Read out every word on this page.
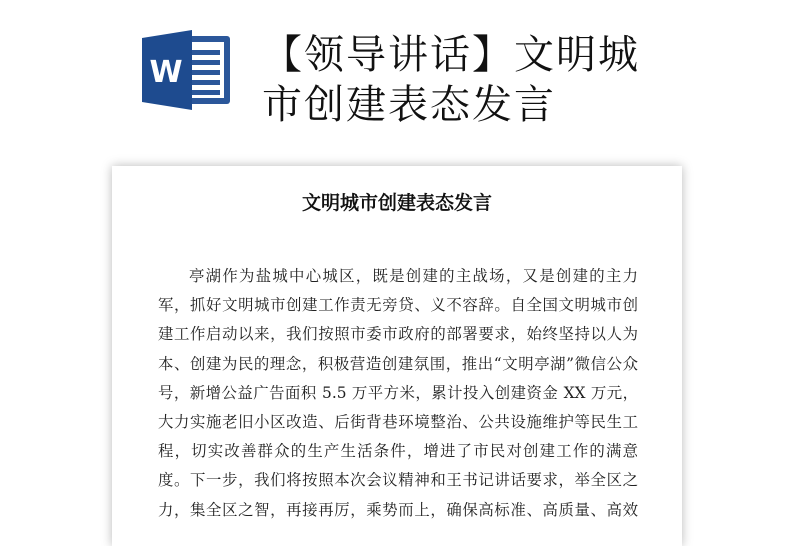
W 【领导讲话】文明城
市创建表态发言
文明城市创建表态发言
亭湖作为盐城中心城区，既是创建的主战场，又是创建的主力
军，抓好文明城市创建工作责无旁贷、义不容辞。自全国文明城市创
建工作启动以来，我们按照市委市政府的部署要求，始终坚持以人为
本、创建为民的理念，积极营造创建氛围，推出“文明亭湖”微信公众
号，新增公益广告面积 5.5 万平方米，累计投入创建资金 XX 万元，
大力实施老旧小区改造、后街背巷环境整治、公共设施维护等民生工
程，切实改善群众的生产生活条件，增进了市民对创建工作的满意
度。下一步，我们将按照本次会议精神和王书记讲话要求，举全区之
力，集全区之智，再接再厉，乘势而上，确保高标准、高质量、高效
